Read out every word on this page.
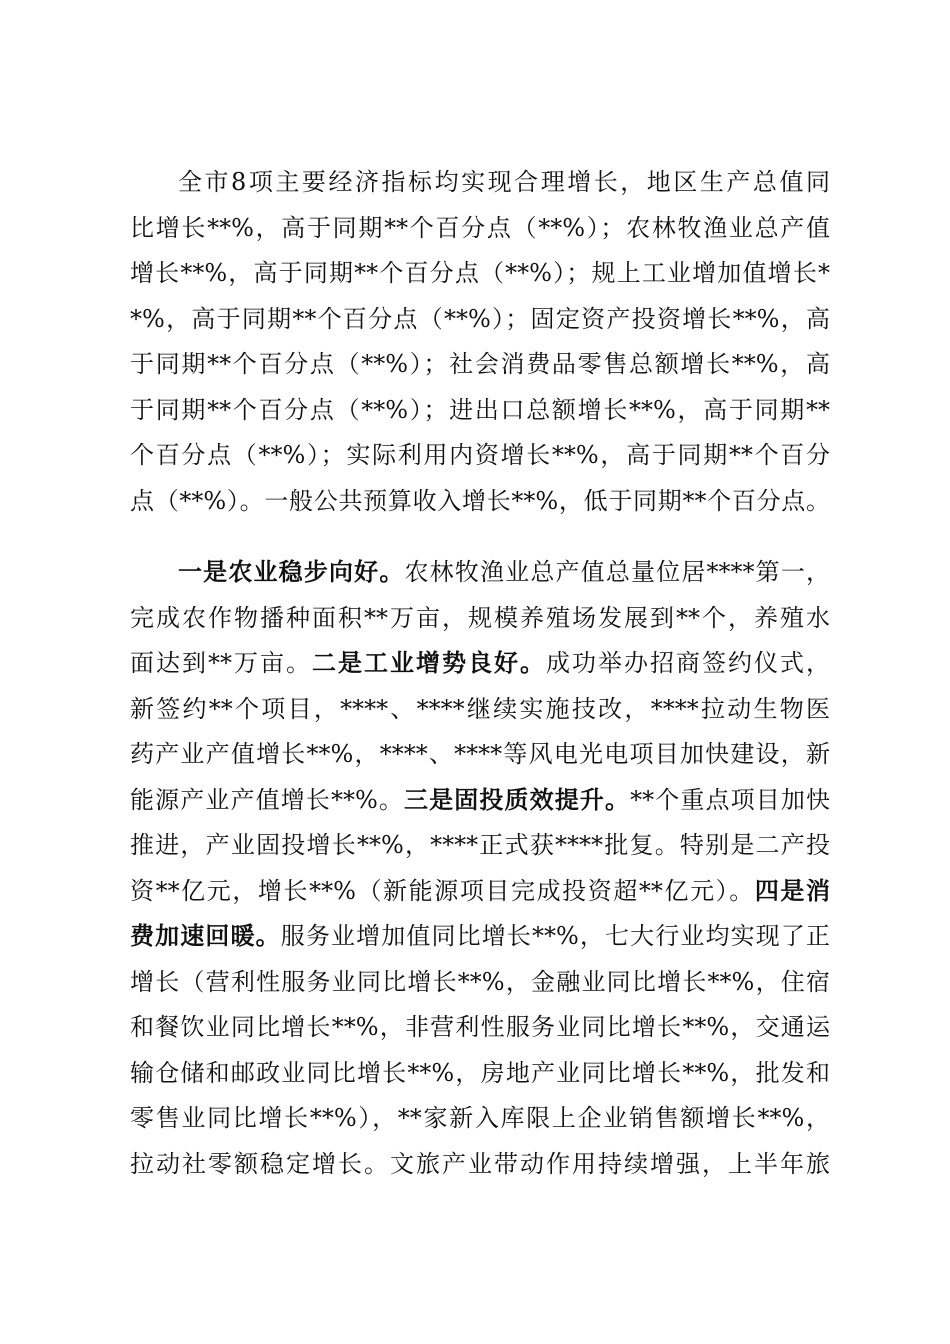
全市8项主要经济指标均实现合理增长，地区生产总值同
比增长**%，高于同期**个百分点（**%）；农林牧渔业总产值
增长**%，高于同期**个百分点（**%）；规上工业增加值增长*
*%，高于同期**个百分点（**%）；固定资产投资增长**%，高
于同期**个百分点（**%）；社会消费品零售总额增长**%，高
于同期**个百分点（**%）；进出口总额增长**%，高于同期**
个百分点（**%）；实际利用内资增长**%，高于同期**个百分
点（**%）。一般公共预算收入增长**%，低于同期**个百分点。
一是农业稳步向好。农林牧渔业总产值总量位居****第一，
完成农作物播种面积**万亩，规模养殖场发展到**个，养殖水
面达到**万亩。二是工业增势良好。成功举办招商签约仪式，
新签约**个项目，****、****继续实施技改，****拉动生物医
药产业产值增长**%，****、****等风电光电项目加快建设，新
能源产业产值增长**%。三是固投质效提升。**个重点项目加快
推进，产业固投增长**%，****正式获****批复。特别是二产投
资**亿元，增长**%（新能源项目完成投资超**亿元）。四是消
费加速回暖。服务业增加值同比增长**%，七大行业均实现了正
增长（营利性服务业同比增长**%，金融业同比增长**%，住宿
和餐饮业同比增长**%，非营利性服务业同比增长**%，交通运
输仓储和邮政业同比增长**%，房地产业同比增长**%，批发和
零售业同比增长**%），**家新入库限上企业销售额增长**%，
拉动社零额稳定增长。文旅产业带动作用持续增强，上半年旅
